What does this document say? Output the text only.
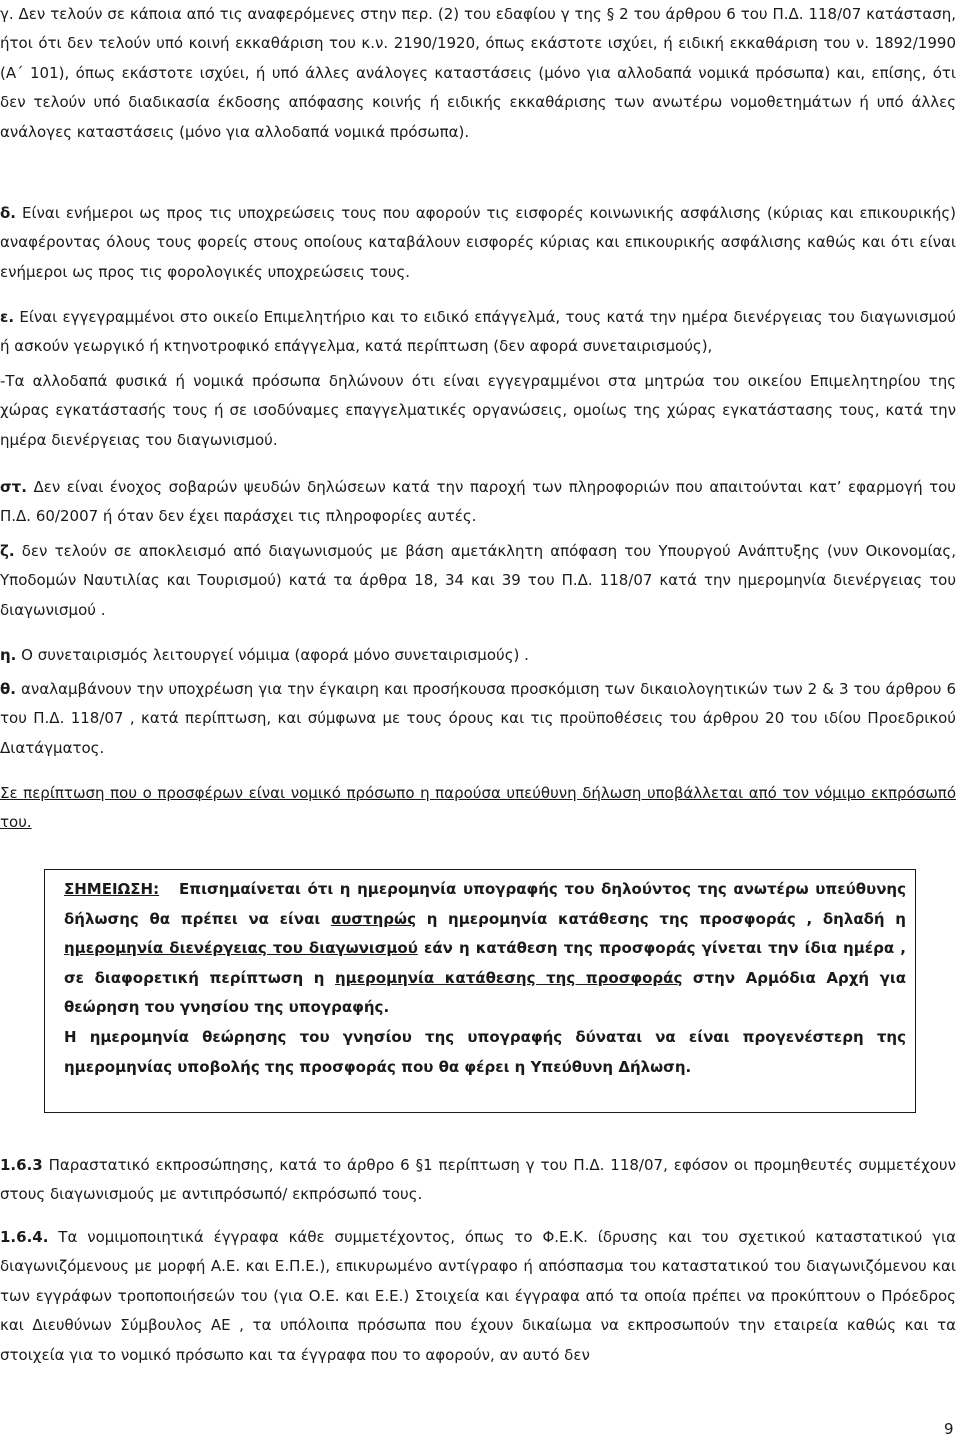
γ. Δεν τελούν σε κάποια από τις αναφερόμενες στην περ. (2) του εδαφίου γ της § 2 του άρθρου 6 του Π.Δ. 118/07 κατάσταση, ήτοι ότι δεν τελούν υπό κοινή εκκαθάριση του κ.ν. 2190/1920, όπως εκάστοτε ισχύει, ή ειδική εκκαθάριση του ν. 1892/1990 (Α΄ 101), όπως εκάστοτε ισχύει, ή υπό άλλες ανάλογες καταστάσεις (μόνο για αλλοδαπά νομικά πρόσωπα) και, επίσης, ότι δεν τελούν υπό διαδικασία έκδοσης απόφασης κοινής ή ειδικής εκκαθάρισης των ανωτέρω νομοθετημάτων ή υπό άλλες ανάλογες καταστάσεις (μόνο για αλλοδαπά νομικά πρόσωπα).

δ. Είναι ενήμεροι ως προς τις υποχρεώσεις τους που αφορούν τις εισφορές κοινωνικής ασφάλισης (κύριας και επικουρικής) αναφέροντας όλους τους φορείς στους οποίους καταβάλουν εισφορές κύριας και επικουρικής ασφάλισης καθώς και ότι είναι ενήμεροι ως προς τις φορολογικές υποχρεώσεις τους.

ε. Είναι εγγεγραμμένοι στο οικείο Επιμελητήριο και το ειδικό επάγγελμά, τους κατά την ημέρα διενέργειας του διαγωνισμού ή ασκούν γεωργικό ή κτηνοτροφικό επάγγελμα, κατά περίπτωση (δεν αφορά συνεταιρισμούς),

-Τα αλλοδαπά φυσικά ή νομικά πρόσωπα δηλώνουν ότι είναι εγγεγραμμένοι στα μητρώα του οικείου Επιμελητηρίου της χώρας εγκατάστασής τους ή σε ισοδύναμες επαγγελματικές οργανώσεις, ομοίως της χώρας εγκατάστασης τους, κατά την ημέρα διενέργειας του διαγωνισμού.

στ. Δεν είναι ένοχος σοβαρών ψευδών δηλώσεων κατά την παροχή των πληροφοριών που απαιτούνται κατ’ εφαρμογή του Π.Δ. 60/2007 ή όταν δεν έχει παράσχει τις πληροφορίες αυτές.

ζ. δεν τελούν σε αποκλεισμό από διαγωνισμούς με βάση αμετάκλητη απόφαση του Υπουργού Ανάπτυξης (νυν Οικονομίας, Υποδομών Ναυτιλίας και Τουρισμού) κατά τα άρθρα 18, 34 και 39 του Π.Δ. 118/07 κατά την ημερομηνία διενέργειας του διαγωνισμού .

η. Ο συνεταιρισμός λειτουργεί νόμιμα (αφορά μόνο συνεταιρισμούς) .

θ. αναλαμβάνουν την υποχρέωση για την έγκαιρη και προσήκουσα προσκόμιση τωv δικαιολογητικών των 2 & 3 του άρθρου 6 του Π.Δ. 118/07 , κατά περίπτωση, και σύμφωνα με τους όρους και τις προϋποθέσεις του άρθρου 20 του ιδίου Προεδρικού Διατάγματος.

Σε περίπτωση που ο προσφέρων είναι νομικό πρόσωπο η παρούσα υπεύθυνη δήλωση υποβάλλεται από τον νόμιμο εκπρόσωπό του.

ΣΗΜΕΙΩΣΗ: Επισημαίνεται ότι η ημερομηνία υπογραφής του δηλούντος της ανωτέρω υπεύθυνης δήλωσης θα πρέπει να είναι αυστηρώς η ημερομηνία κατάθεσης της προσφοράς , δηλαδή η ημερομηνία διενέργειας του διαγωνισμού εάν η κατάθεση της προσφοράς γίνεται την ίδια ημέρα , σε διαφορετική περίπτωση η ημερομηνία κατάθεσης της προσφοράς στην Αρμόδια Αρχή για θεώρηση του γνησίου της υπογραφής.

Η ημερομηνία θεώρησης του γνησίου της υπογραφής δύναται να είναι προγενέστερη της ημερομηνίας υποβολής της προσφοράς που θα φέρει η Υπεύθυνη Δήλωση.

1.6.3 Παραστατικό εκπροσώπησης, κατά το άρθρο 6 §1 περίπτωση γ του Π.Δ. 118/07, εφόσον οι προμηθευτές συμμετέχουν στους διαγωνισμούς με αντιπρόσωπό/ εκπρόσωπό τους.

1.6.4. Τα νομιμοποιητικά έγγραφα κάθε συμμετέχοντος, όπως το Φ.Ε.Κ. ίδρυσης και του σχετικού καταστατικού για διαγωνιζόμενους με μορφή Α.Ε. και Ε.Π.Ε.), επικυρωμένο αντίγραφο ή απόσπασμα του καταστατικού του διαγωνιζόμενου και των εγγράφων τροποποιήσεών του (για Ο.Ε. και Ε.Ε.) Στοιχεία και έγγραφα από τα οποία πρέπει να προκύπτουν ο Πρόεδρος και Διευθύνων Σύμβουλος ΑΕ , τα υπόλοιπα πρόσωπα που έχουν δικαίωμα να εκπροσωπούν την εταιρεία καθώς και τα στοιχεία για το νομικό πρόσωπο και τα έγγραφα που το αφορούν, αν αυτό δεν

9
